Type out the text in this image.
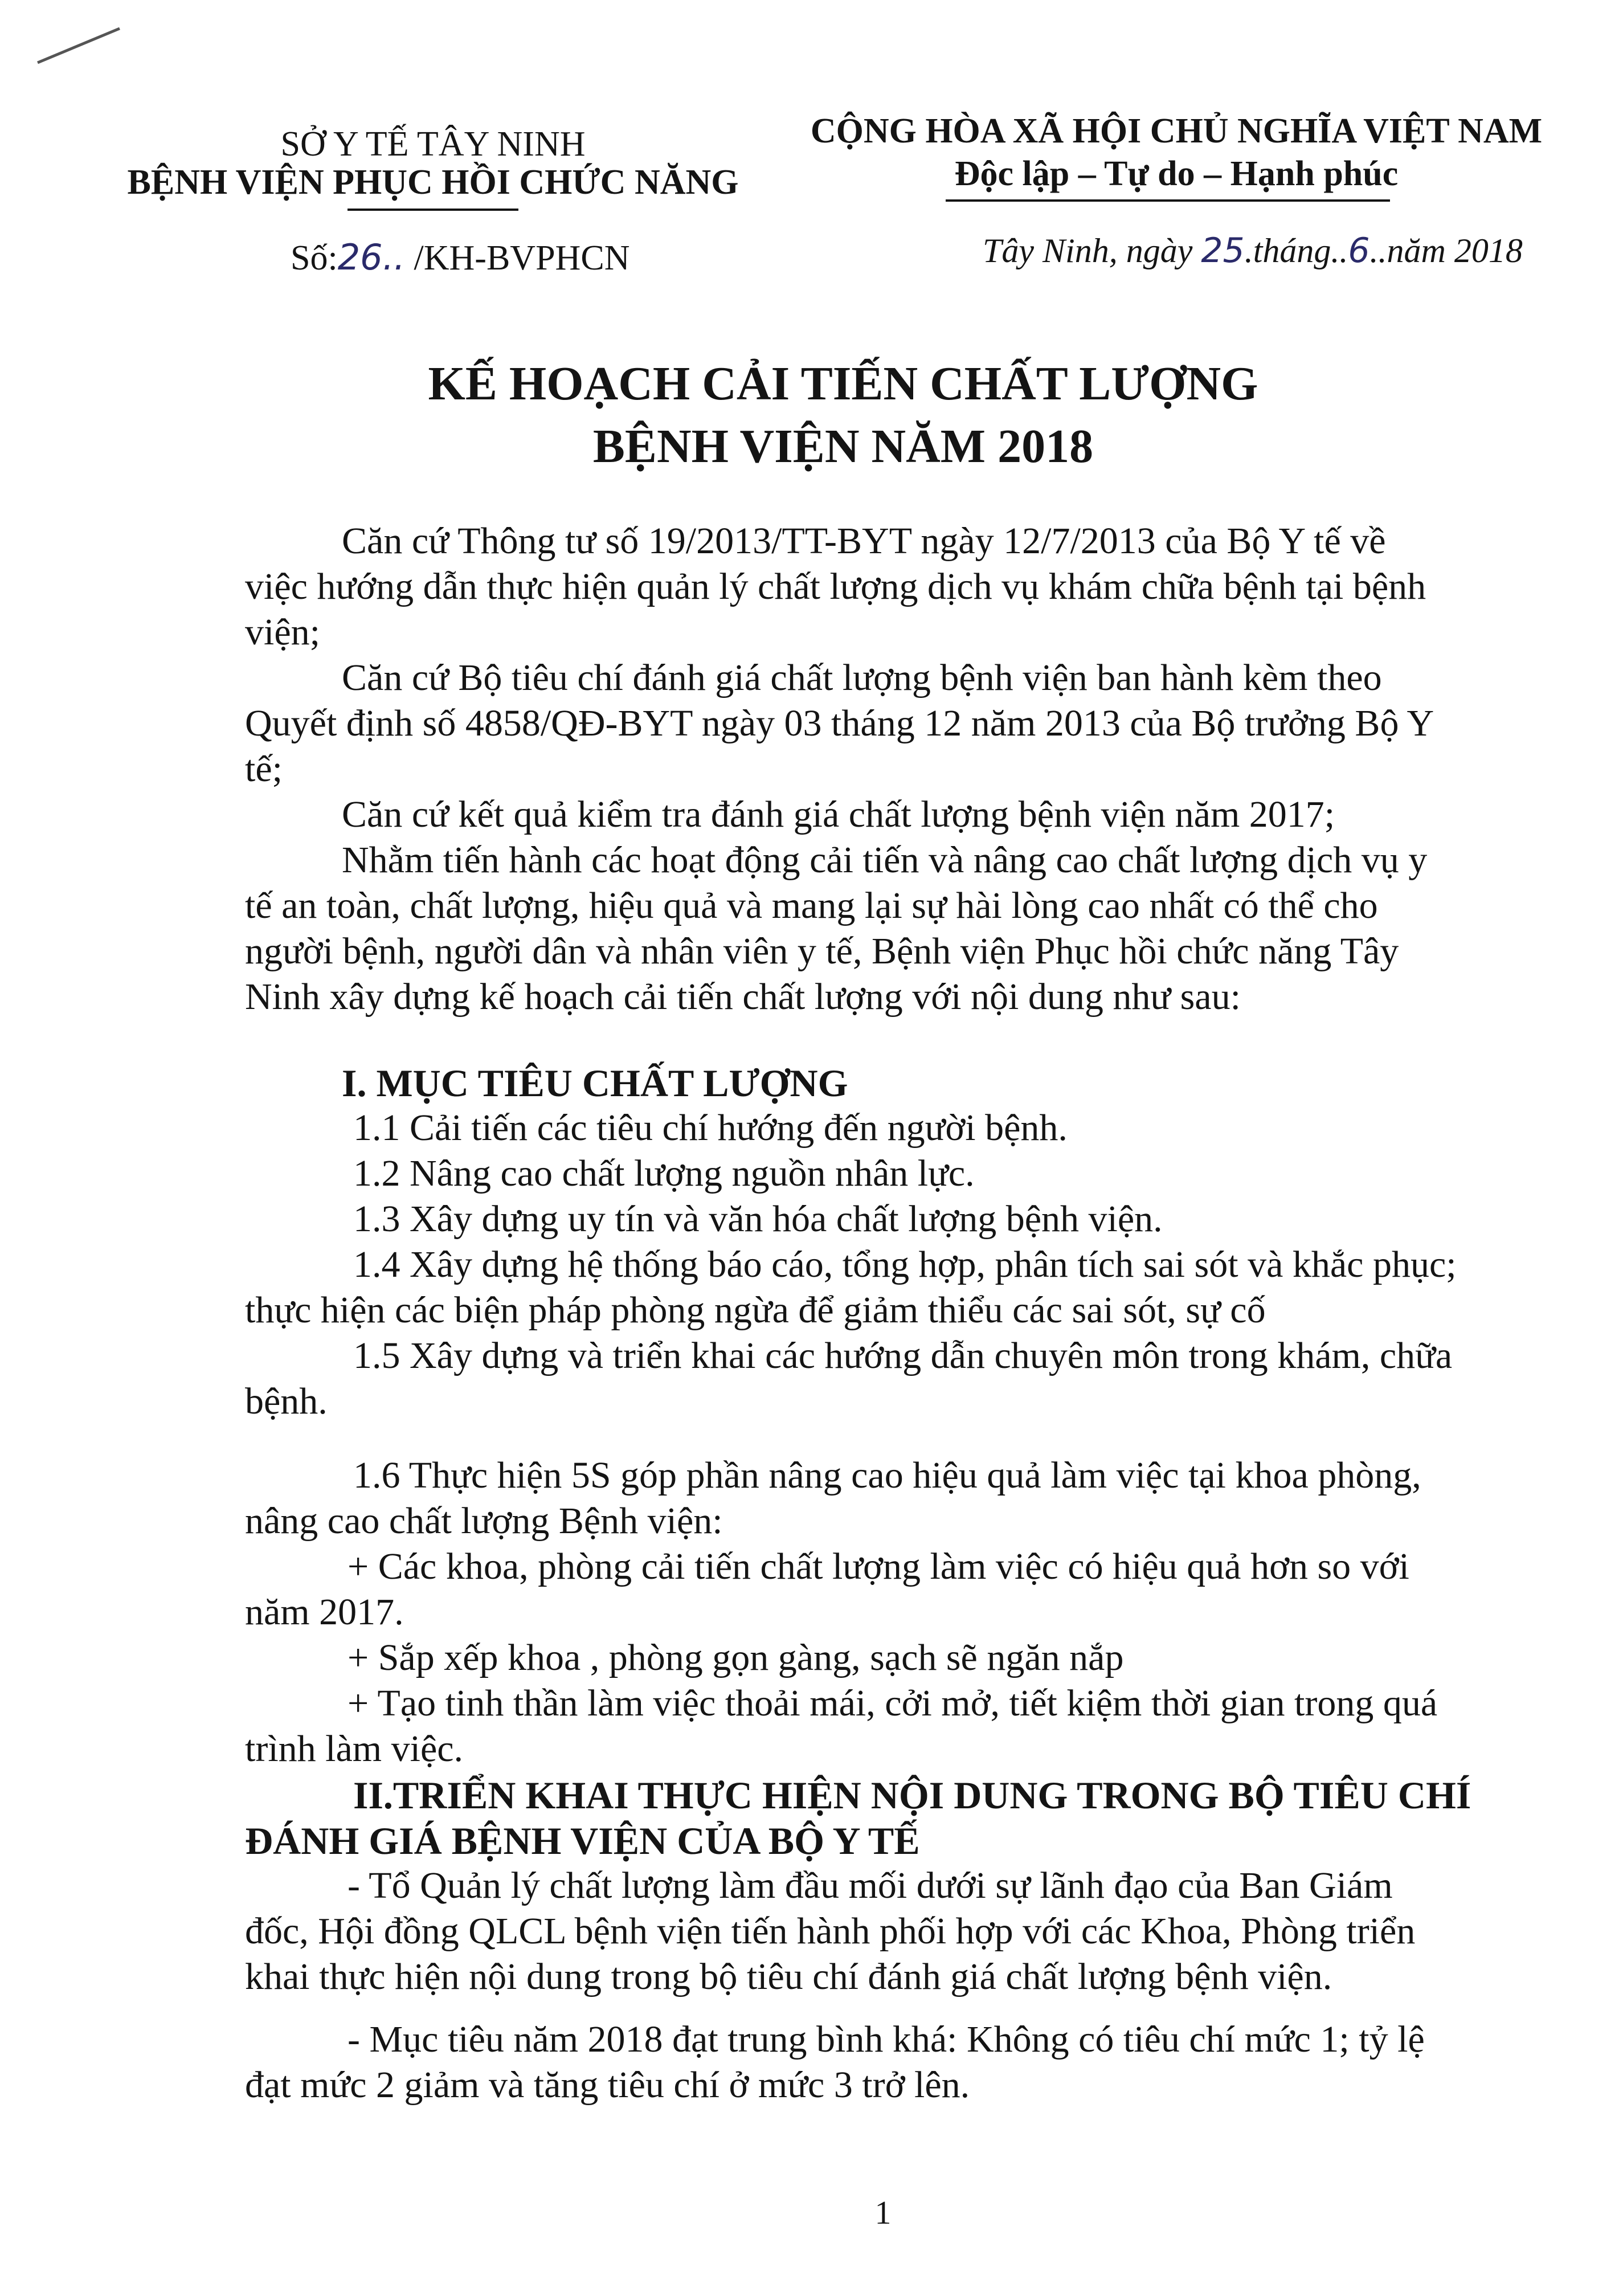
SỞ Y TẾ TÂY NINH
BỆNH VIỆN PHỤC HỒI CHỨC NĂNG
Số:26.. /KH-BVPHCN
CỘNG HÒA XÃ HỘI CHỦ NGHĨA VIỆT NAM
Độc lập – Tự do – Hạnh phúc
Tây Ninh, ngày 25.tháng..6..năm 2018
KẾ HOẠCH CẢI TIẾN CHẤT LƯỢNG
BỆNH VIỆN NĂM 2018
Căn cứ Thông tư số 19/2013/TT-BYT ngày 12/7/2013 của Bộ Y tế về
việc hướng dẫn thực hiện quản lý chất lượng dịch vụ khám chữa bệnh tại bệnh
viện;
Căn cứ Bộ tiêu chí đánh giá chất lượng bệnh viện ban hành kèm theo
Quyết định số 4858/QĐ-BYT ngày 03 tháng 12 năm 2013 của Bộ trưởng Bộ Y
tế;
Căn cứ kết quả kiểm tra đánh giá chất lượng bệnh viện năm 2017;
Nhằm tiến hành các hoạt động cải tiến và nâng cao chất lượng dịch vụ y
tế an toàn, chất lượng, hiệu quả và mang lại sự hài lòng cao nhất có thể cho
người bệnh, người dân và nhân viên y tế, Bệnh viện Phục hồi chức năng Tây
Ninh xây dựng kế hoạch cải tiến chất lượng với nội dung như sau:
I. MỤC TIÊU CHẤT LƯỢNG
1.1 Cải tiến các tiêu chí hướng đến người bệnh.
1.2 Nâng cao chất lượng nguồn nhân lực.
1.3 Xây dựng uy tín và văn hóa chất lượng bệnh viện.
1.4 Xây dựng hệ thống báo cáo, tổng hợp, phân tích sai sót và khắc phục;
thực hiện các biện pháp phòng ngừa để giảm thiểu các sai sót, sự cố
1.5 Xây dựng và triển khai các hướng dẫn chuyên môn trong khám, chữa
bệnh.
1.6 Thực hiện 5S góp phần nâng cao hiệu quả làm việc tại khoa phòng,
nâng cao chất lượng Bệnh viện:
+ Các khoa, phòng cải tiến chất lượng làm việc có hiệu quả hơn so với
năm 2017.
+ Sắp xếp khoa , phòng gọn gàng, sạch sẽ ngăn nắp
+ Tạo tinh thần làm việc thoải mái, cởi mở, tiết kiệm thời gian trong quá
trình làm việc.
II.TRIỂN KHAI THỰC HIỆN NỘI DUNG TRONG BỘ TIÊU CHÍ
ĐÁNH GIÁ BỆNH VIỆN CỦA BỘ Y TẾ
- Tổ Quản lý chất lượng làm đầu mối dưới sự lãnh đạo của Ban Giám
đốc, Hội đồng QLCL bệnh viện tiến hành phối hợp với các Khoa, Phòng triển
khai thực hiện nội dung trong bộ tiêu chí đánh giá chất lượng bệnh viện.
- Mục tiêu năm 2018 đạt trung bình khá: Không có tiêu chí mức 1; tỷ lệ
đạt mức 2 giảm và tăng tiêu chí ở mức 3 trở lên.
1
